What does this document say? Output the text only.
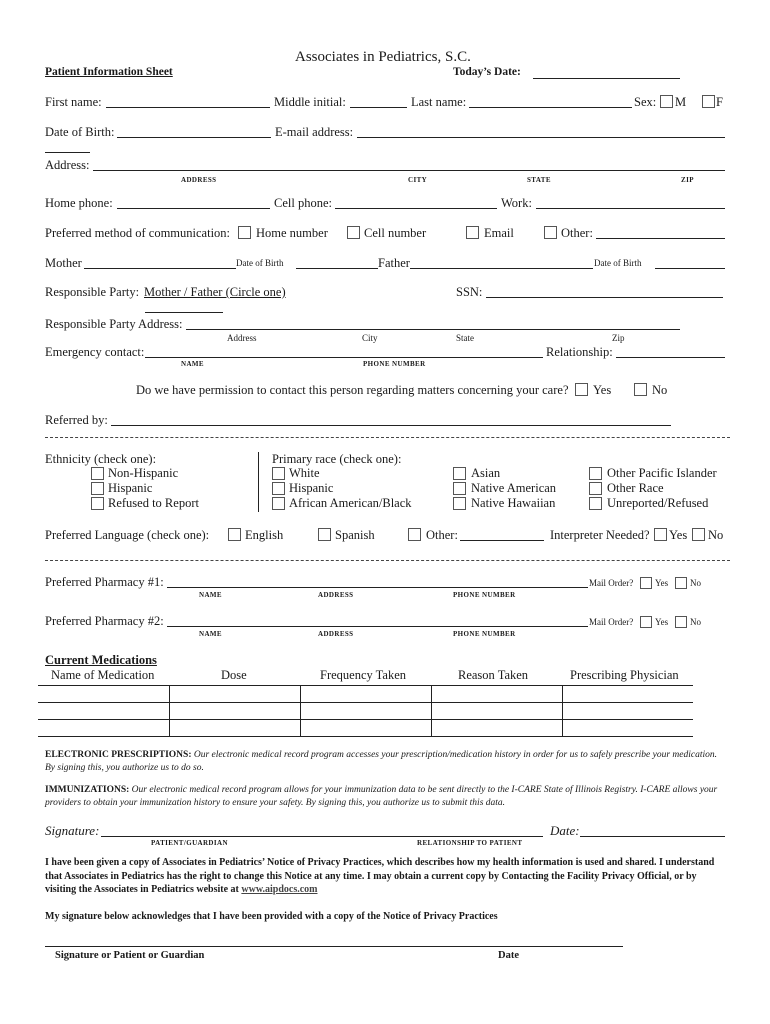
Associates in Pediatrics, S.C.
Patient Information Sheet	Today’s Date:
First name:	Middle initial:	Last name:	Sex: M F
Date of Birth:	E-mail address:
Address:
ADDRESS	CITY	STATE	ZIP
Home phone:	Cell phone:	Work:
Preferred method of communication: Home number	Cell number	Email	Other:
Mother	Date of Birth	Father	Date of Birth
Responsible Party: Mother / Father (Circle one)	SSN:
Responsible Party Address:
Address	City	State	Zip
Emergency contact:
NAME	PHONE NUMBER
Relationship:
Do we have permission to contact this person regarding matters concerning your care? Yes	No
Referred by:
Ethnicity (check one):
Non-Hispanic
Hispanic
Refused to Report
Primary race (check one):
White
Hispanic
African American/Black
Asian
Native American
Native Hawaiian
Other Pacific Islander
Other Race
Unreported/Refused
Preferred Language (check one):	English	Spanish	Other:	Interpreter Needed? Yes No
Preferred Pharmacy #1:
NAME	ADDRESS	PHONE NUMBER
Mail Order? Yes No
Preferred Pharmacy #2:
NAME	ADDRESS	PHONE NUMBER
Mail Order? Yes No
Current Medications
Name of Medication	Dose	Frequency Taken	Reason Taken	Prescribing Physician

ELECTRONIC PRESCRIPTIONS: Our electronic medical record program accesses your prescription/medication history in order for us to safely prescribe your medication. By signing this, you authorize us to do so.
IMMUNIZATIONS: Our electronic medical record program allows for your immunization data to be sent directly to the I-CARE State of Illinois Registry. I-CARE allows your providers to obtain your immunization history to ensure your safety. By signing this, you authorize us to submit this data.
Signature:	Date:
PATIENT/GUARDIAN	RELATIONSHIP TO PATIENT
I have been given a copy of Associates in Pediatrics’ Notice of Privacy Practices, which describes how my health information is used and shared. I understand that Associates in Pediatrics has the right to change this Notice at any time. I may obtain a current copy by Contacting the Facility Privacy Official, or by visiting the Associates in Pediatrics website at www.aipdocs.com
My signature below acknowledges that I have been provided with a copy of the Notice of Privacy Practices
Signature or Patient or Guardian	Date
